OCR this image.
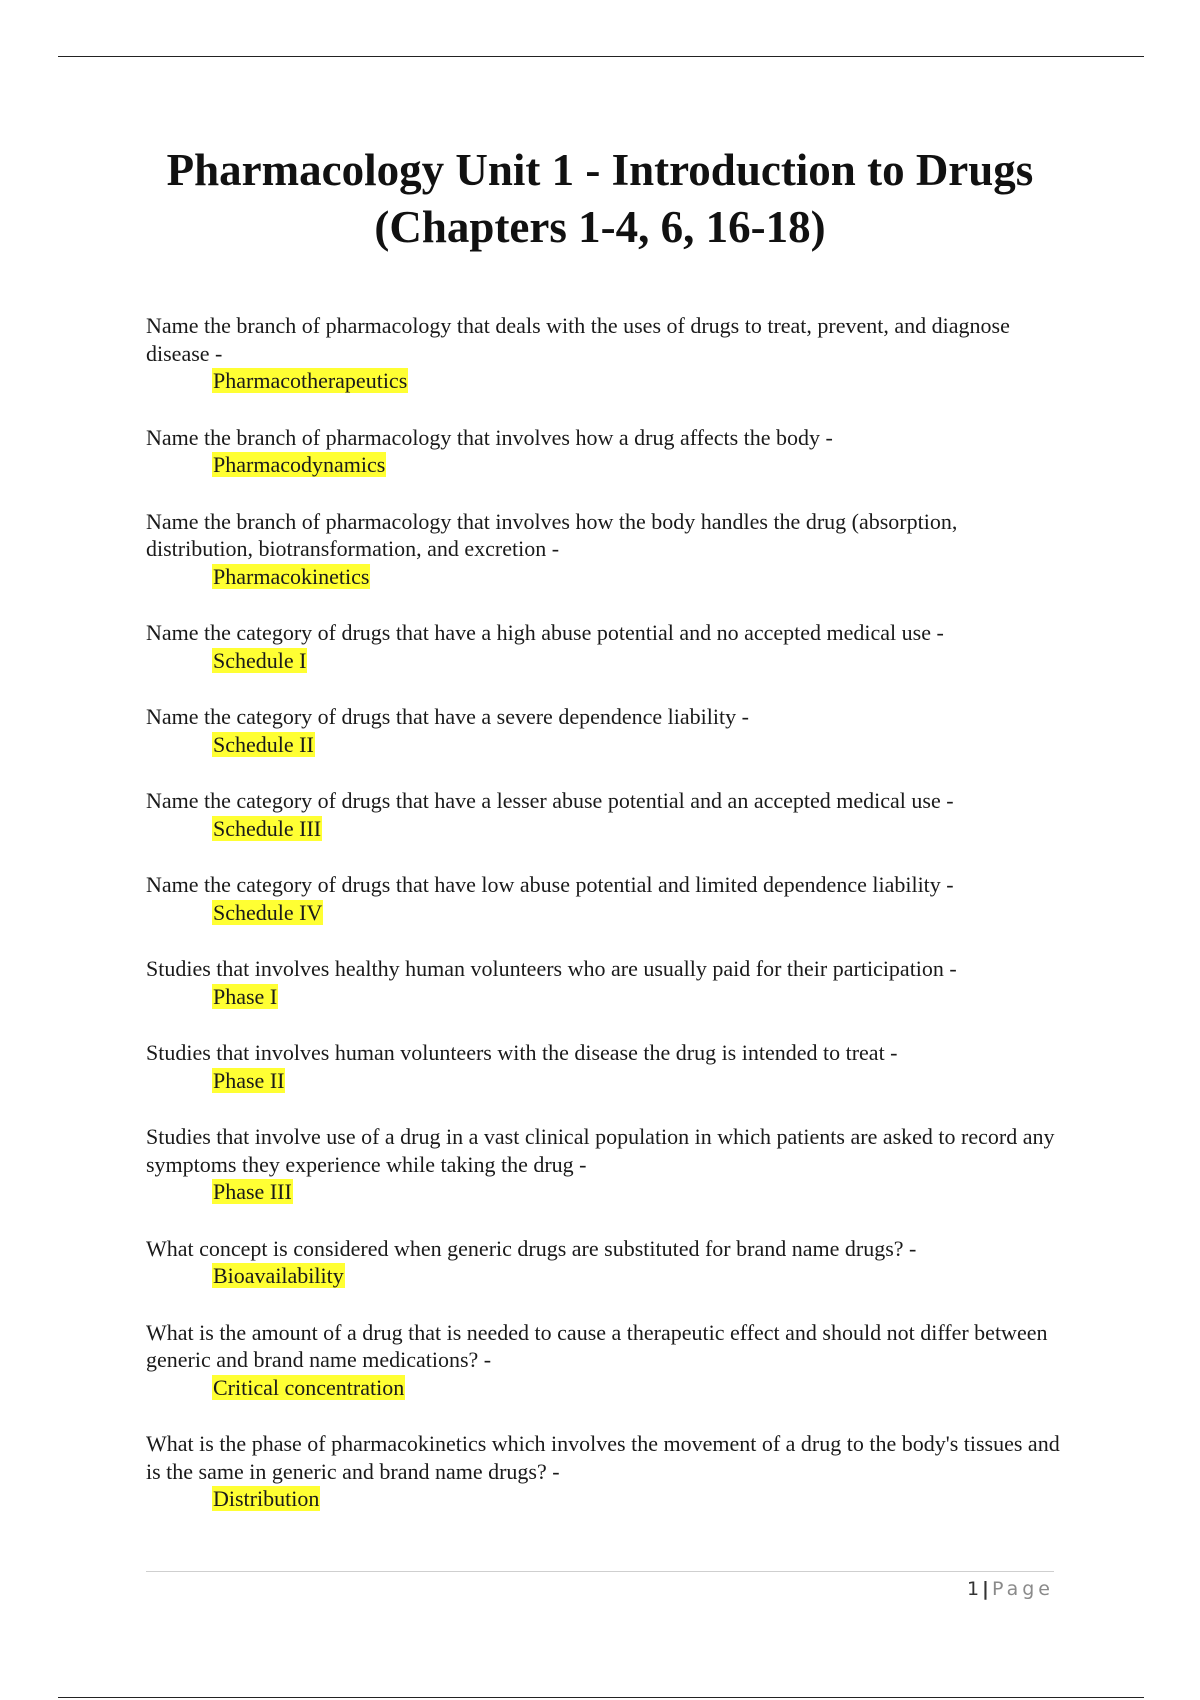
Pharmacology Unit 1 - Introduction to Drugs (Chapters 1-4, 6, 16-18)

Name the branch of pharmacology that deals with the uses of drugs to treat, prevent, and diagnose disease -

Pharmacotherapeutics

Name the branch of pharmacology that involves how a drug affects the body -

Pharmacodynamics

Name the branch of pharmacology that involves how the body handles the drug (absorption, distribution, biotransformation, and excretion -

Pharmacokinetics

Name the category of drugs that have a high abuse potential and no accepted medical use -

Schedule I

Name the category of drugs that have a severe dependence liability -

Schedule II

Name the category of drugs that have a lesser abuse potential and an accepted medical use -

Schedule III

Name the category of drugs that have low abuse potential and limited dependence liability -

Schedule IV

Studies that involves healthy human volunteers who are usually paid for their participation -

Phase I

Studies that involves human volunteers with the disease the drug is intended to treat -

Phase II

Studies that involve use of a drug in a vast clinical population in which patients are asked to record any symptoms they experience while taking the drug -

Phase III

What concept is considered when generic drugs are substituted for brand name drugs? -

Bioavailability

What is the amount of a drug that is needed to cause a therapeutic effect and should not differ between generic and brand name medications? -

Critical concentration

What is the phase of pharmacokinetics which involves the movement of a drug to the body's tissues and is the same in generic and brand name drugs? -

Distribution

1 | Page
